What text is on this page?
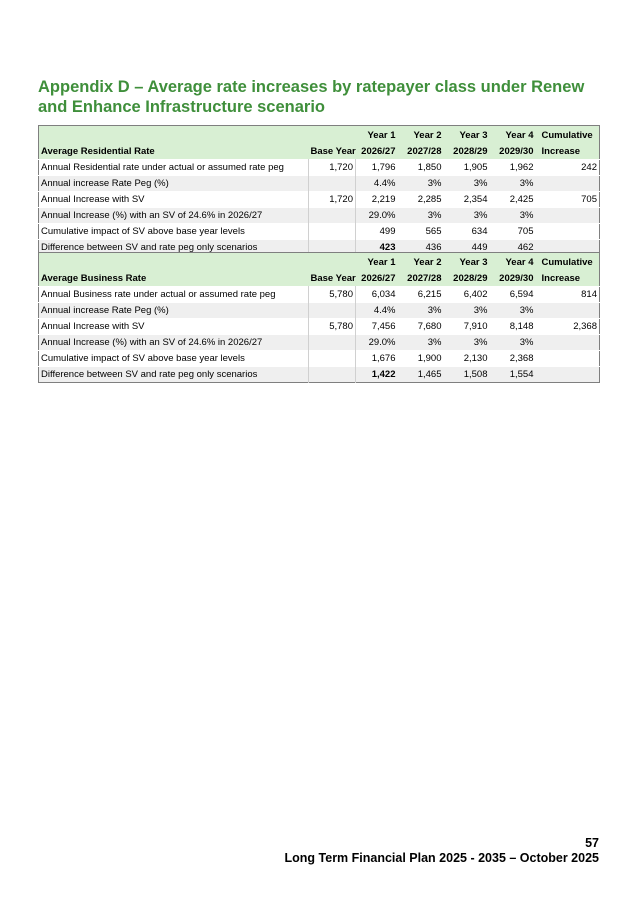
Appendix D – Average rate increases by ratepayer class under Renew and Enhance Infrastructure scenario
		Year 1	Year 2	Year 3	Year 4	Cumulative
Average Residential Rate	Base Year	2026/27	2027/28	2028/29	2029/30	Increase
Annual Residential rate under actual or assumed rate peg	1,720	1,796	1,850	1,905	1,962	242
Annual increase Rate Peg (%)		4.4%	3%	3%	3%	
Annual Increase with SV	1,720	2,219	2,285	2,354	2,425	705
Annual Increase (%) with an SV of 24.6% in 2026/27		29.0%	3%	3%	3%	
Cumulative impact of SV above base year levels		499	565	634	705	
Difference between SV and rate peg only scenarios		423	436	449	462	
		Year 1	Year 2	Year 3	Year 4	Cumulative
Average Business Rate	Base Year	2026/27	2027/28	2028/29	2029/30	Increase
Annual Business rate under actual or assumed rate peg	5,780	6,034	6,215	6,402	6,594	814
Annual increase Rate Peg (%)		4.4%	3%	3%	3%	
Annual Increase with SV	5,780	7,456	7,680	7,910	8,148	2,368
Annual Increase (%) with an SV of 24.6% in 2026/27		29.0%	3%	3%	3%	
Cumulative impact of SV above base year levels		1,676	1,900	2,130	2,368	
Difference between SV and rate peg only scenarios		1,422	1,465	1,508	1,554	
57
Long Term Financial Plan 2025 - 2035 – October 2025
